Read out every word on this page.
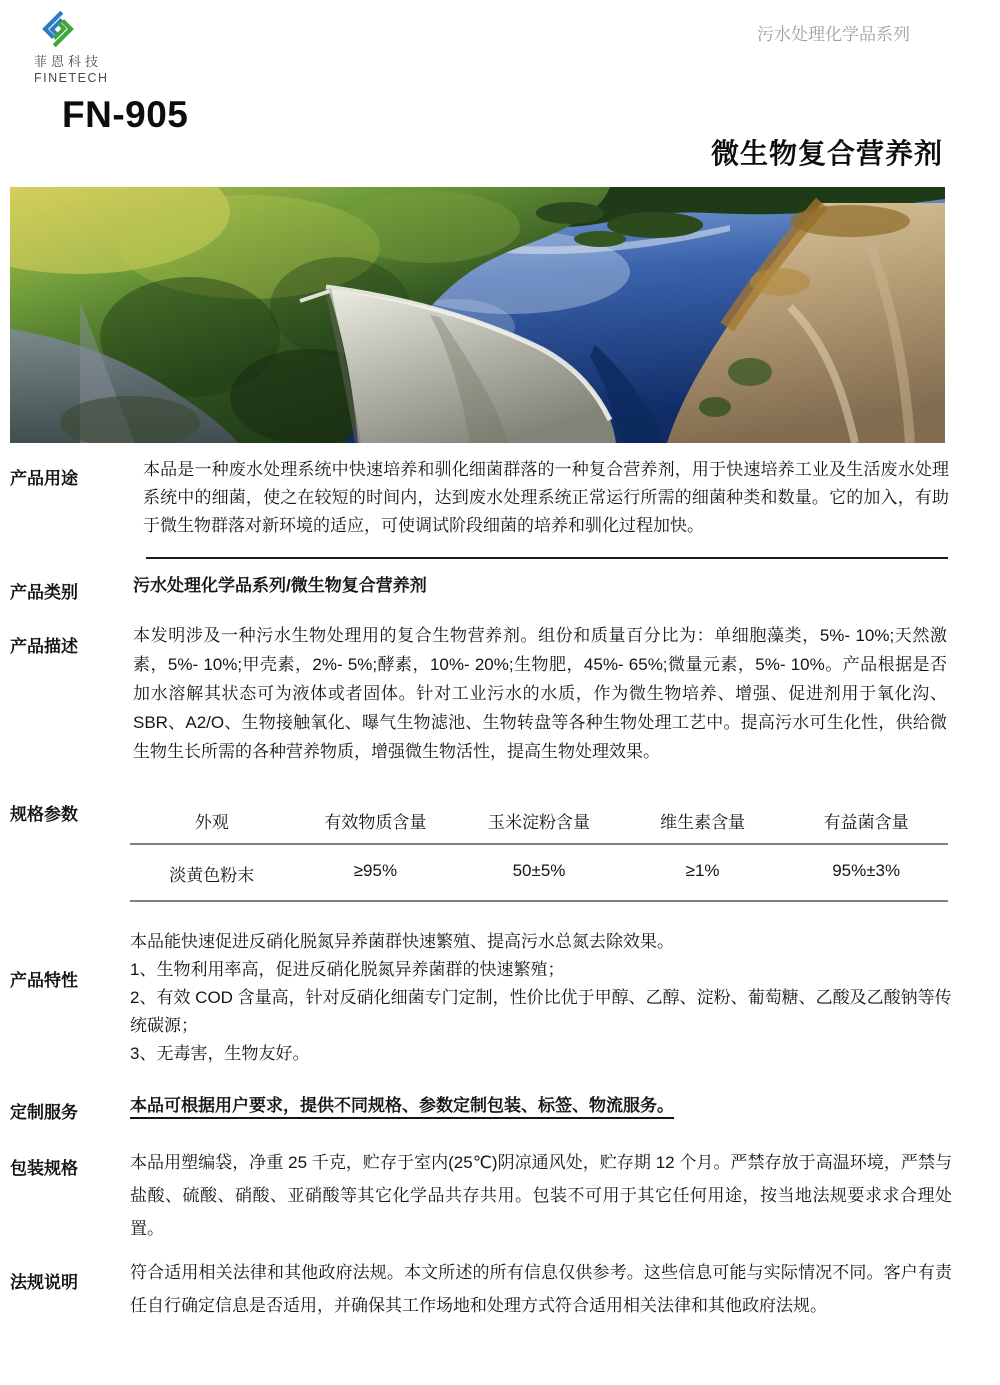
菲恩科技
FINETECH
污水处理化学品系列
FN-905
微生物复合营养剂
产品用途	本品是一种废水处理系统中快速培养和驯化细菌群落的一种复合营养剂，用于快速培养工业及生活废水处理系统中的细菌，使之在较短的时间内，达到废水处理系统正常运行所需的细菌种类和数量。它的加入，有助于微生物群落对新环境的适应，可使调试阶段细菌的培养和驯化过程加快。
产品类别	污水处理化学品系列/微生物复合营养剂
产品描述
本发明涉及一种污水生物处理用的复合生物营养剂。组份和质量百分比为：单细胞藻类，5%- 10%;天然激素，5%- 10%;甲壳素，2%- 5%;酵素，10%- 20%;生物肥，45%- 65%;微量元素，5%- 10%。产品根据是否加水溶解其状态可为液体或者固体。针对工业污水的水质，作为微生物培养、增强、促进剂用于氧化沟、SBR、A2/O、生物接触氧化、曝气生物滤池、生物转盘等各种生物处理工艺中。提高污水可生化性，供给微生物生长所需的各种营养物质，增强微生物活性，提高生物处理效果。
规格参数	外观	有效物质含量	玉米淀粉含量	维生素含量	有益菌含量
淡黄色粉末	≥95%	50±5%	≥1%	95%±3%
产品特性
本品能快速促进反硝化脱氮异养菌群快速繁殖、提高污水总氮去除效果。
1、生物利用率高，促进反硝化脱氮异养菌群的快速繁殖；
2、有效 COD 含量高，针对反硝化细菌专门定制，性价比优于甲醇、乙醇、淀粉、葡萄糖、乙酸及乙酸钠等传统碳源；
3、无毒害，生物友好。
定制服务	本品可根据用户要求，提供不同规格、参数定制包装、标签、物流服务。
包装规格	本品用塑编袋，净重 25 千克，贮存于室内(25℃)阴凉通风处，贮存期 12 个月。严禁存放于高温环境，严禁与盐酸、硫酸、硝酸、亚硝酸等其它化学品共存共用。包装不可用于其它任何用途，按当地法规要求求合理处置。
法规说明
符合适用相关法律和其他政府法规。本文所述的所有信息仅供参考。这些信息可能与实际情况不同。客户有责任自行确定信息是否适用，并确保其工作场地和处理方式符合适用相关法律和其他政府法规。
